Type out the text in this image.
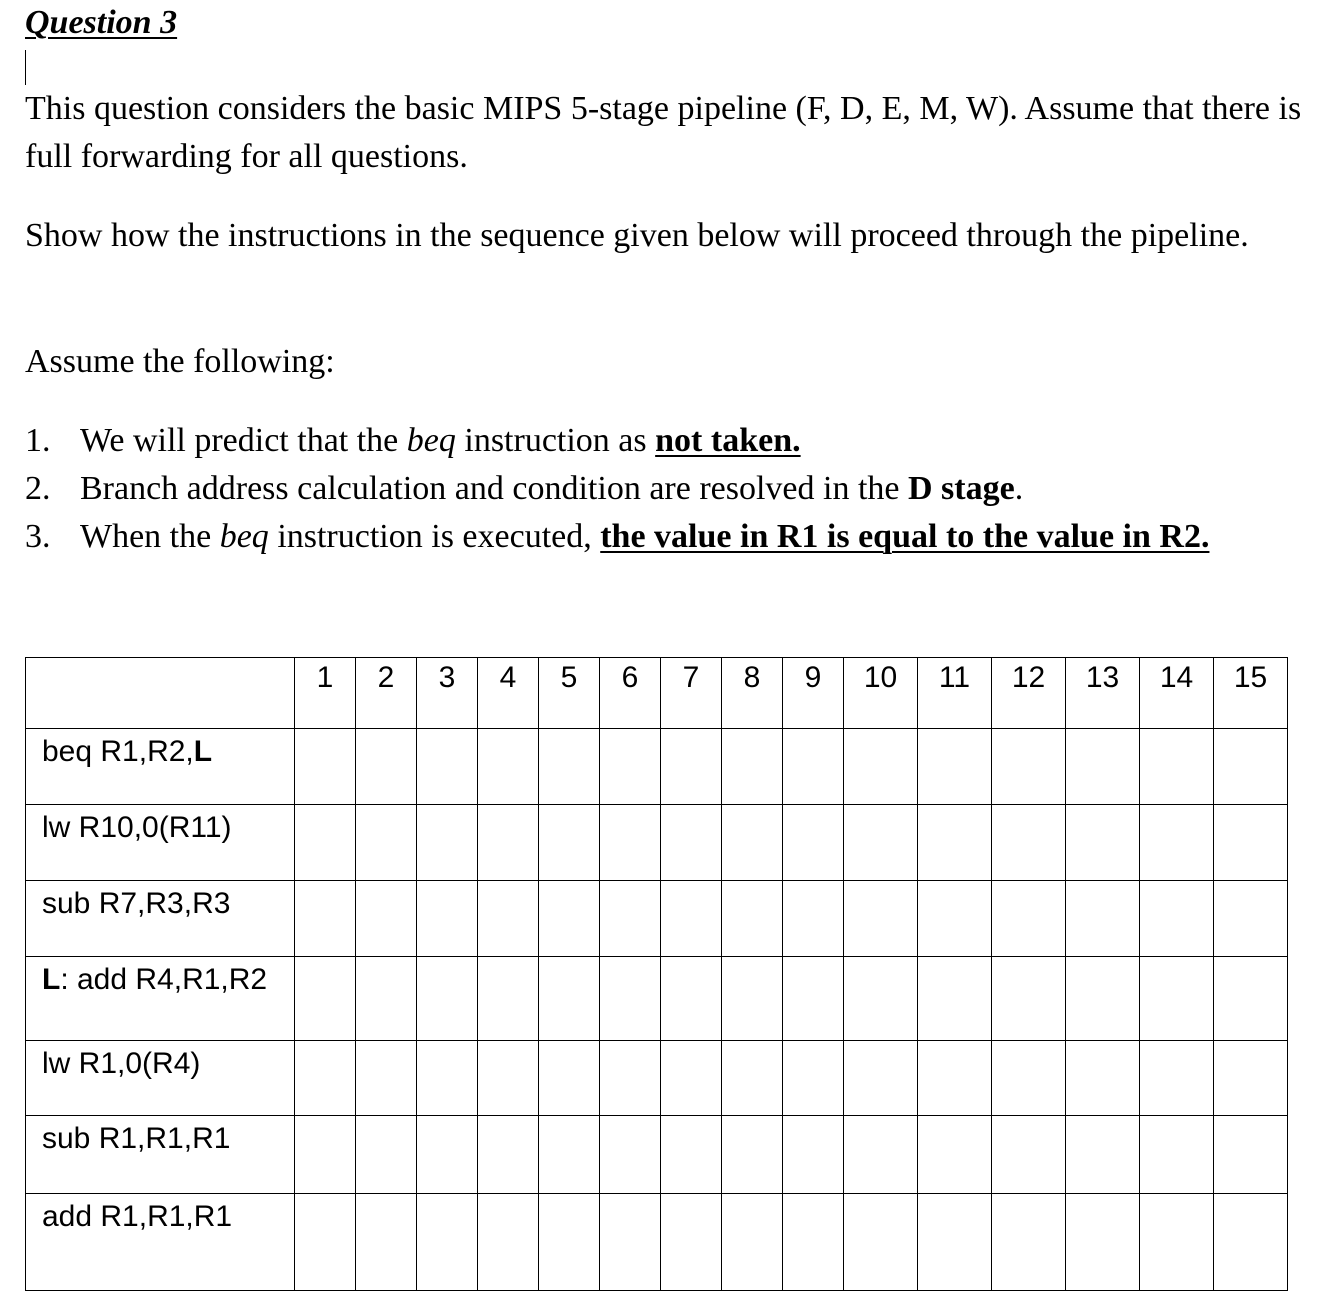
Question 3
This question considers the basic MIPS 5-stage pipeline (F, D, E, M, W). Assume that there is full forwarding for all questions.
Show how the instructions in the sequence given below will proceed through the pipeline.
Assume the following:
1. We will predict that the beq instruction as not taken.
2. Branch address calculation and condition are resolved in the D stage.
3. When the beq instruction is executed, the value in R1 is equal to the value in R2.
	1	2	3	4	5	6	7	8	9	10	11	12	13	14	15
beq R1,R2,L															
lw R10,0(R11)															
sub R7,R3,R3															
L: add R4,R1,R2															
lw R1,0(R4)															
sub R1,R1,R1															
add R1,R1,R1															
